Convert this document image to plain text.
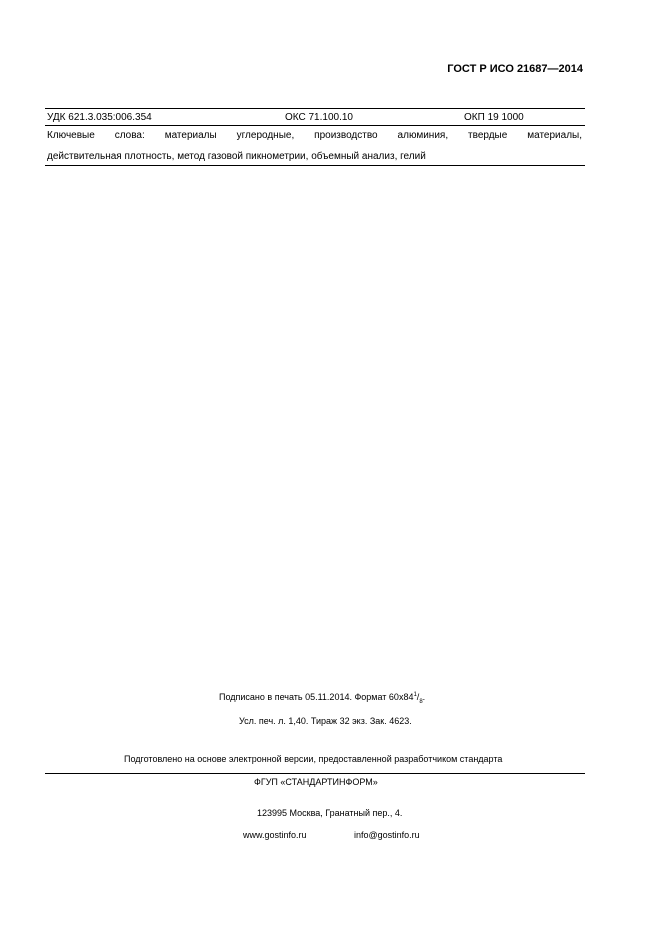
ГОСТ Р ИСО 21687—2014
УДК 621.3.035:006.354	ОКС 71.100.10	ОКП 19 1000
Ключевые слова: материалы углеродные, производство алюминия, твердые материалы,
действительная плотность, метод газовой пикнометрии, объемный анализ, гелий
Подписано в печать 05.11.2014. Формат $60x84^1/_8$.
Усл. печ. л. 1,40. Тираж 32 экз. Зак. 4623.
Подготовлено на основе электронной версии, предоставленной разработчиком стандарта
ФГУП «СТАНДАРТИНФОРМ»
123995 Москва, Гранатный пер., 4.
www.gostinfo.ru	info@gostinfo.ru
